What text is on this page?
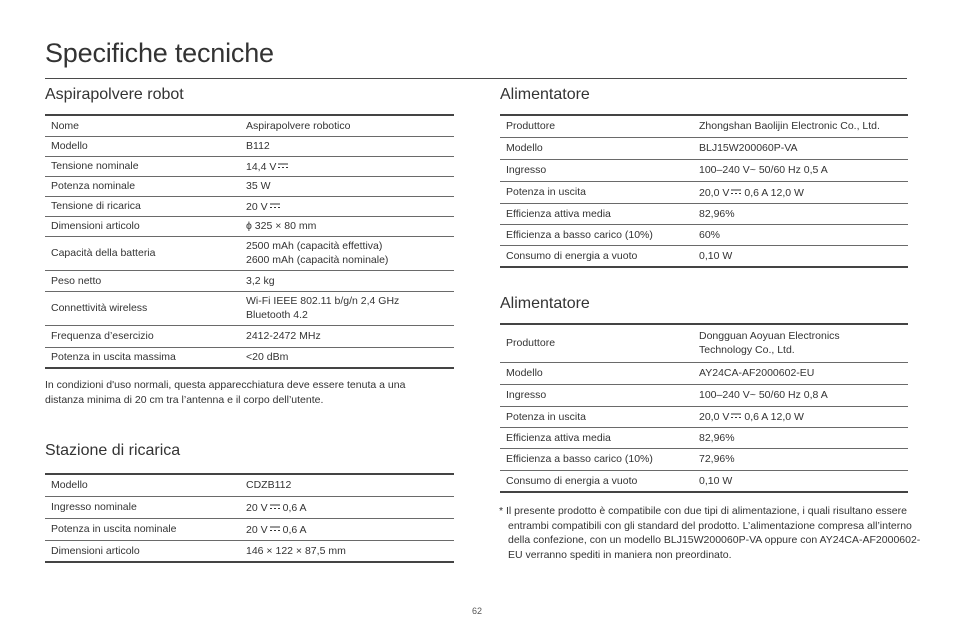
Specifiche tecniche
Aspirapolvere robot
Nome	Aspirapolvere robotico
Modello	B112
Tensione nominale	14,4 V
Potenza nominale	35 W
Tensione di ricarica	20 V
Dimensioni articolo	ϕ 325 × 80 mm
Capacità della batteria	2500 mAh (capacità effettiva)
2600 mAh (capacità nominale)
Peso netto	3,2 kg
Connettività wireless	Wi-Fi IEEE 802.11 b/g/n 2,4 GHz
Bluetooth 4.2
Frequenza d’esercizio	2412-2472 MHz
Potenza in uscita massima	<20 dBm

In condizioni d'uso normali, questa apparecchiatura deve essere tenuta a una distanza minima di 20 cm tra l’antenna e il corpo dell’utente.

Stazione di ricarica
Modello	CDZB112
Ingresso nominale	20 V 0,6 A
Potenza in uscita nominale	20 V 0,6 A
Dimensioni articolo	146 × 122 × 87,5 mm
Alimentatore
Produttore	Zhongshan Baolijin Electronic Co., Ltd.
Modello	BLJ15W200060P-VA
Ingresso	100–240 V~ 50/60 Hz 0,5 A
Potenza in uscita	20,0 V 0,6 A 12,0 W
Efficienza attiva media	82,96%
Efficienza a basso carico (10%)	60%
Consumo di energia a vuoto	0,10 W
Alimentatore
Produttore	Dongguan Aoyuan Electronics
Technology Co., Ltd.
Modello	AY24CA-AF2000602-EU
Ingresso	100–240 V~ 50/60 Hz 0,8 A
Potenza in uscita	20,0 V 0,6 A 12,0 W
Efficienza attiva media	82,96%
Efficienza a basso carico (10%)	72,96%
Consumo di energia a vuoto	0,10 W

* Il presente prodotto è compatibile con due tipi di alimentazione, i quali risultano essere entrambi compatibili con gli standard del prodotto. L’alimentazione compresa all’interno della confezione, con un modello BLJ15W200060P-VA oppure con AY24CA-AF2000602-EU verranno spediti in maniera non preordinato.

62
